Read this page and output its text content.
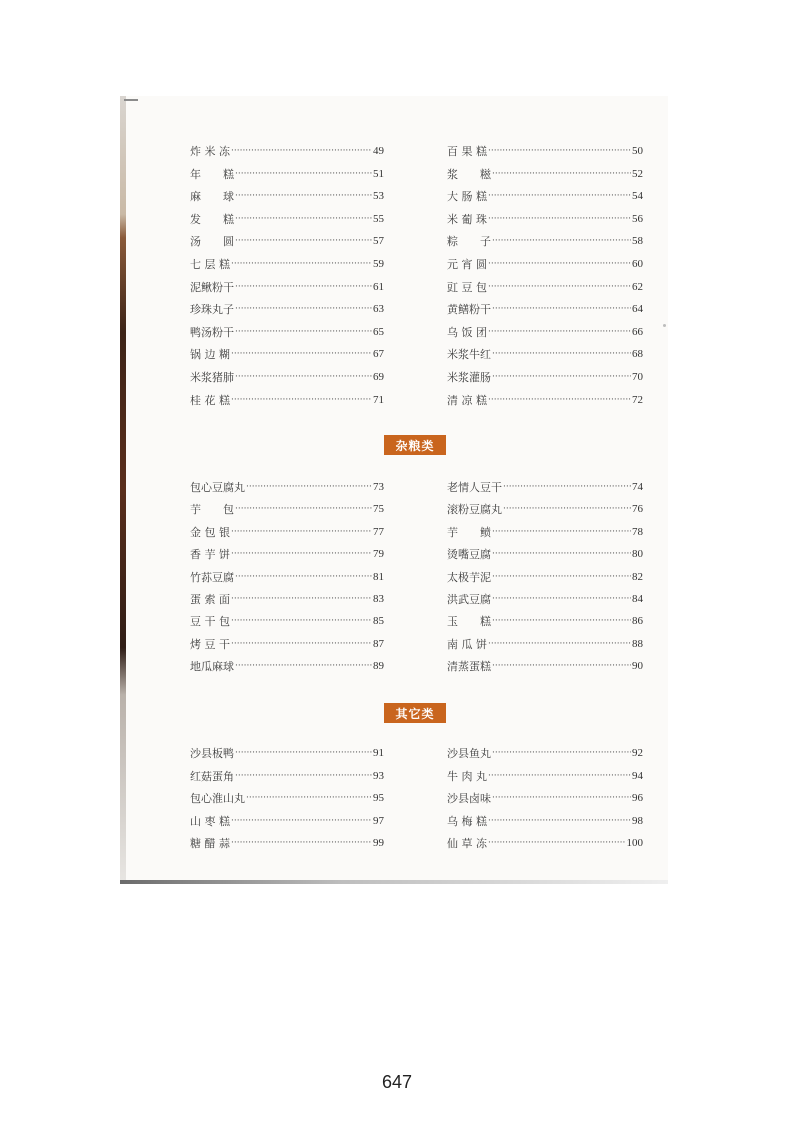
炸 米 冻 ·····	49
年　　糕 ·····	51
麻　　球 ·····	53
发　　糕 ·····	55
汤　　圆 ·····	57
七 层 糕 ·····	59
泥鳅粉干 ·····	61
珍珠丸子 ·····	63
鸭汤粉干 ·····	65
锅 边 糊 ·····	67
米浆猪肺 ·····	69
桂 花 糕 ·····	71
百 果 糕 ·····	50
浆　　糍 ·····	52
大 肠 糕 ·····	54
米 葡 珠 ·····	56
粽　　子 ·····	58
元 宵 圆 ·····	60
豇 豆 包 ·····	62
黄鳝粉干 ·····	64
乌 饭 团 ·····	66
米浆牛红 ·····	68
米浆灌肠 ·····	70
清 凉 糕 ·····	72
包心豆腐丸 ·····	73
芋　　包 ·····	75
金 包 银 ·····	77
香 芋 饼 ·····	79
竹荪豆腐 ·····	81
蛋 索 面 ·····	83
豆 干 包 ·····	85
烤 豆 干 ·····	87
地瓜麻球 ·····	89
老情人豆干 ·····	74
滚粉豆腐丸 ·····	76
芋　　鲼 ·····	78
烫嘴豆腐 ·····	80
太极芋泥 ·····	82
洪武豆腐 ·····	84
玉　　糕 ·····	86
南 瓜 饼 ·····	88
清蒸蛋糕 ·····	90
沙县板鸭 ·····	91
红菇蛋角 ·····	93
包心淮山丸 ·····	95
山 枣 糕 ·····	97
糖 醋 蒜 ·····	99
沙县鱼丸 ·····	92
牛 肉 丸 ·····	94
沙县卤味 ·····	96
乌 梅 糕 ·····	98
仙 草 冻 ·····	100
杂粮类
其它类
647
